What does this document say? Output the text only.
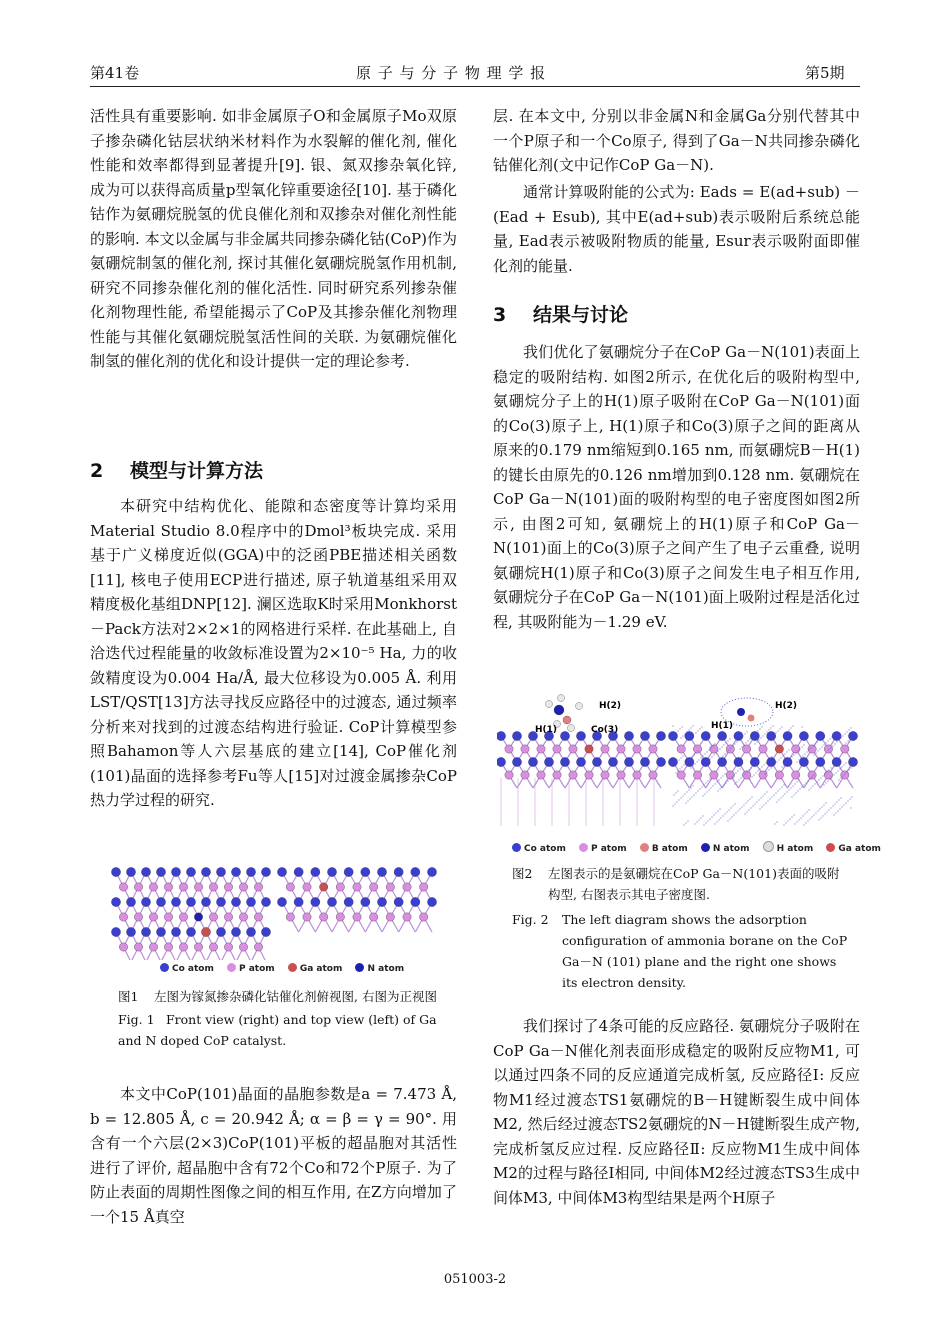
第41卷	原 子 与 分 子 物 理 学 报	第5期

活性具有重要影响. 如非金属原子O和金属原子Mo双原子掺杂磷化钴层状纳米材料作为水裂解的催化剂, 催化性能和效率都得到显著提升[9]. 银、氮双掺杂氧化锌, 成为可以获得高质量p型氧化锌重要途径[10]. 基于磷化钴作为氨硼烷脱氢的优良催化剂和双掺杂对催化剂性能的影响. 本文以金属与非金属共同掺杂磷化钴(CoP)作为氨硼烷制氢的催化剂, 探讨其催化氨硼烷脱氢作用机制, 研究不同掺杂催化剂的催化活性. 同时研究系列掺杂催化剂物理性能, 希望能揭示了CoP及其掺杂催化剂物理性能与其催化氨硼烷脱氢活性间的关联. 为氨硼烷催化制氢的催化剂的优化和设计提供一定的理论参考.

2 模型与计算方法

本研究中结构优化、能隙和态密度等计算均采用Material Studio 8.0程序中的Dmol³板块完成. 采用基于广义梯度近似(GGA)中的泛函PBE描述相关函数[11], 核电子使用ECP进行描述, 原子轨道基组采用双精度极化基组DNP[12]. 澜区选取K时采用Monkhorst－Pack方法对2×2×1的网格进行采样. 在此基础上, 自洽迭代过程能量的收敛标准设置为2×10⁻⁵ Ha, 力的收敛精度设为0.004 Ha/Å, 最大位移设为0.005 Å. 利用LST/QST[13]方法寻找反应路径中的过渡态, 通过频率分析来对找到的过渡态结构进行验证. CoP计算模型参照Bahamon等人六层基底的建立[14], CoP催化剂(101)晶面的选择参考Fu等人[15]对过渡金属掺杂CoP热力学过程的研究.

Co atom	P atom	Ga atom	N atom
图1 左图为镓氮掺杂磷化钴催化剂俯视图, 右图为正视图
Fig. 1 Front view (right) and top view (left) of Ga and N doped CoP catalyst.

本文中CoP(101)晶面的晶胞参数是a = 7.473 Å, b = 12.805 Å, c = 20.942 Å; α = β = γ = 90°. 用含有一个六层(2×3)CoP(101)平板的超晶胞对其活性进行了评价, 超晶胞中含有72个Co和72个P原子. 为了防止表面的周期性图像之间的相互作用, 在Z方向增加了一个15 Å真空

层. 在本文中, 分别以非金属N和金属Ga分别代替其中一个P原子和一个Co原子, 得到了Ga－N共同掺杂磷化钴催化剂(文中记作CoP Ga－N).

通常计算吸附能的公式为: Eads = E(ad+sub) － (Ead + Esub), 其中E(ad+sub)表示吸附后系统总能量, Ead表示被吸附物质的能量, Esur表示吸附面即催化剂的能量.

3 结果与讨论

我们优化了氨硼烷分子在CoP Ga－N(101)表面上稳定的吸附结构. 如图2所示, 在优化后的吸附构型中, 氨硼烷分子上的H(1)原子吸附在CoP Ga－N(101)面的Co(3)原子上, H(1)原子和Co(3)原子之间的距离从原来的0.179 nm缩短到0.165 nm, 而氨硼烷B－H(1)的键长由原先的0.126 nm增加到0.128 nm. 氨硼烷在CoP Ga－N(101)面的吸附构型的电子密度图如图2所示, 由图2可知, 氨硼烷上的H(1)原子和CoP Ga－N(101)面上的Co(3)原子之间产生了电子云重叠, 说明氨硼烷H(1)原子和Co(3)原子之间发生电子相互作用, 氨硼烷分子在CoP Ga－N(101)面上吸附过程是活化过程, 其吸附能为－1.29 eV.

H(1)
H(2)
Co(3)	H(1)
H(2)
Co atom	P atom	B atom	N atom	H atom	Ga atom
图2	左图表示的是氨硼烷在CoP Ga－N(101)表面的吸附构型, 右图表示其电子密度图.
Fig. 2	The left diagram shows the adsorption configuration of ammonia borane on the CoP Ga－N (101) plane and the right one shows its electron density.

我们探讨了4条可能的反应路径. 氨硼烷分子吸附在CoP Ga－N催化剂表面形成稳定的吸附反应物M1, 可以通过四条不同的反应通道完成析氢, 反应路径Ⅰ: 反应物M1经过渡态TS1氨硼烷的B－H键断裂生成中间体M2, 然后经过渡态TS2氨硼烷的N－H键断裂生成产物, 完成析氢反应过程. 反应路径Ⅱ: 反应物M1生成中间体M2的过程与路径Ⅰ相同, 中间体M2经过渡态TS3生成中间体M3, 中间体M3构型结果是两个H原子

051003-2
